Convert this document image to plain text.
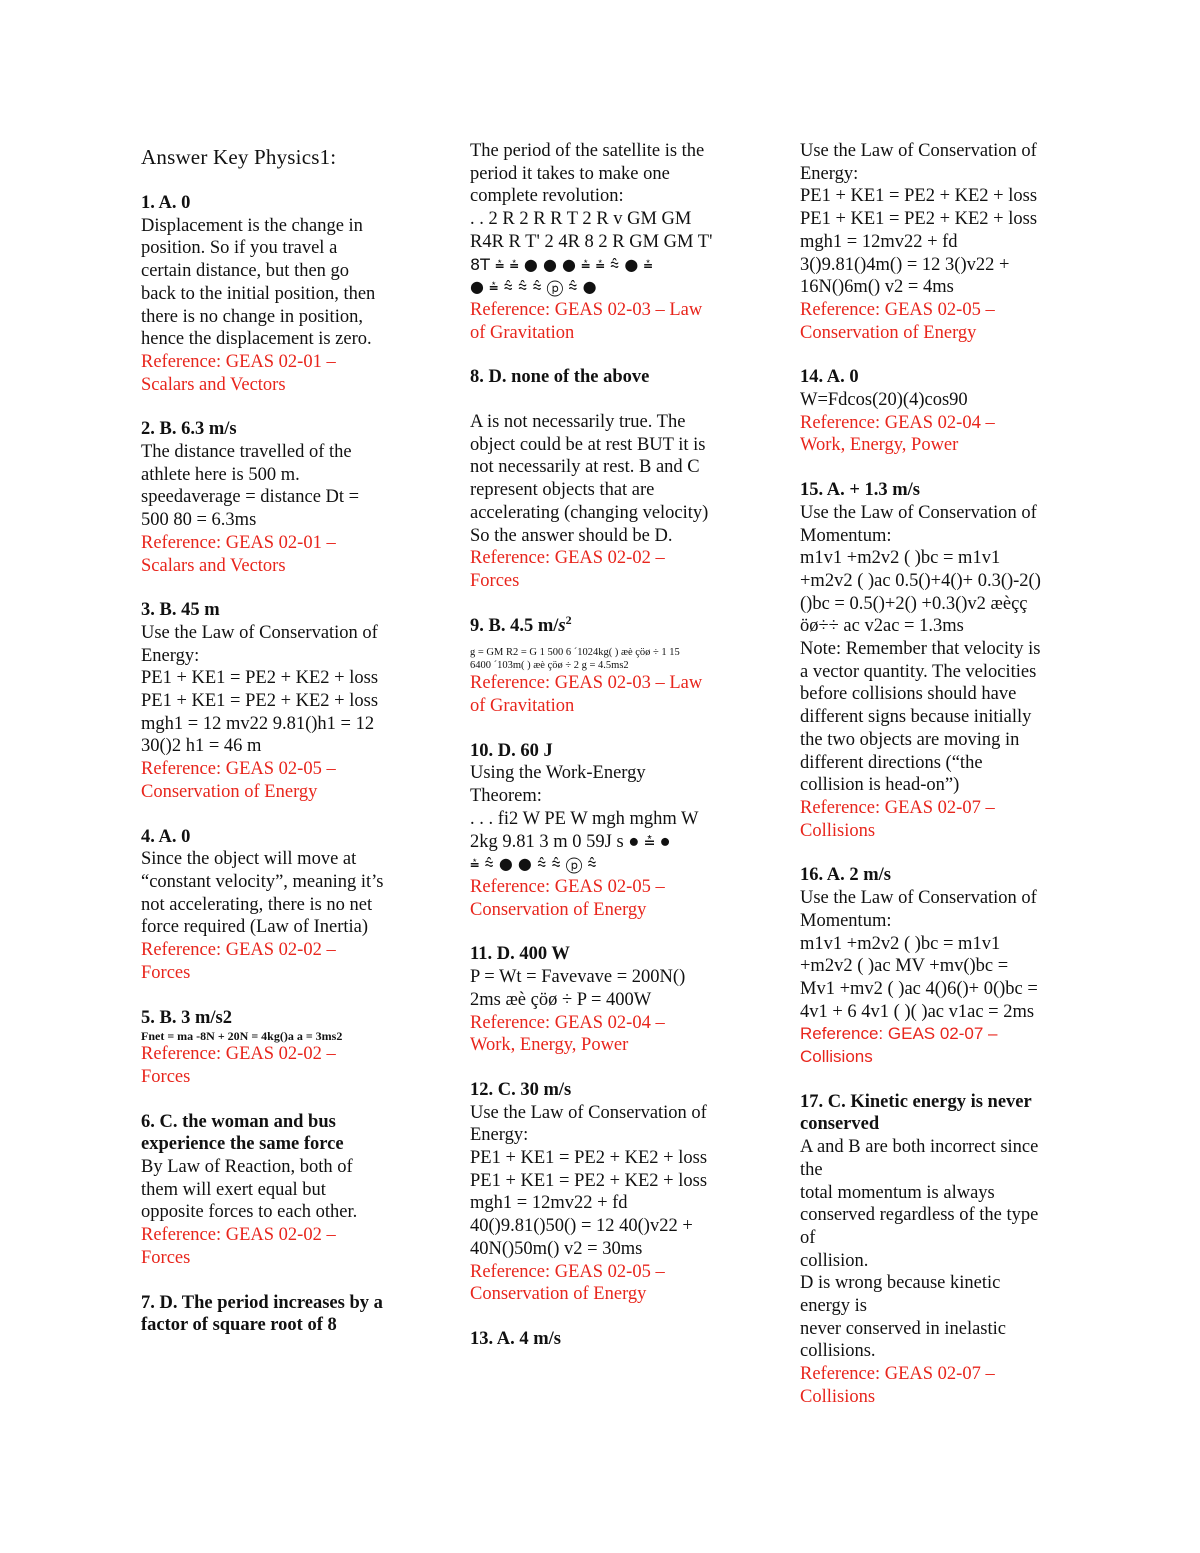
Answer Key Physics1:
1. A. 0
Displacement is the change in
position. So if you travel a
certain distance, but then go
back to the initial position, then
there is no change in position,
hence the displacement is zero.
Reference: GEAS 02-01 –
Scalars and Vectors
2. B. 6.3 m/s
The distance travelled of the
athlete here is 500 m.
speedaverage = distance Dt =
500 80 = 6.3ms
Reference: GEAS 02-01 –
Scalars and Vectors
3. B. 45 m
Use the Law of Conservation of
Energy:
PE1 + KE1 = PE2 + KE2 + loss
PE1 + KE1 = PE2 + KE2 + loss
mgh1 = 12 mv22 9.81()h1 = 12
30()2 h1 = 46 m
Reference: GEAS 02-05 –
Conservation of Energy
4. A. 0
Since the object will move at
“constant velocity”, meaning it’s
not accelerating, there is no net
force required (Law of Inertia)
Reference: GEAS 02-02 –
Forces
5. B. 3 m/s2
Fnet = ma -8N + 20N = 4kg()a a = 3ms2
Reference: GEAS 02-02 –
Forces
6. C. the woman and bus
experience the same force
By Law of Reaction, both of
them will exert equal but
opposite forces to each other.
Reference: GEAS 02-02 –
Forces
7. D. The period increases by a
factor of square root of 8
The period of the satellite is the
period it takes to make one
complete revolution:
. . 2 R 2 R R T 2 R v GM GM
R4R R T' 2 4R 8 2 R GM GM T'
8T ⩮ ⩮ ● ● ● ⩮ ⩮ ⩯ ● ⩮
● ⩮ ⩯ ⩯ ⩯ ⓟ ⩯ ●
Reference: GEAS 02-03 – Law
of Gravitation
8. D. none of the above
A is not necessarily true. The
object could be at rest BUT it is
not necessarily at rest. B and C
represent objects that are
accelerating (changing velocity)
So the answer should be D.
Reference: GEAS 02-02 –
Forces
9. B. 4.5 $m/s^2$
g = GM R2 = G 1 500 6 ´1024kg( ) æè çöø ÷ 1 15
6400 ´103m( ) æè çöø ÷ 2 g = 4.5ms2
Reference: GEAS 02-03 – Law
of Gravitation
10. D. 60 J
Using the Work-Energy
Theorem:
. . . fi2 W PE W mgh mghm W
2kg 9.81 3 m 0 59J s ● ⩮ ●
⩮ ⩯ ● ● ⩯ ⩯ ⓟ ⩯
Reference: GEAS 02-05 –
Conservation of Energy
11. D. 400 W
P = Wt = Favevave = 200N()
2ms æè çöø ÷ P = 400W
Reference: GEAS 02-04 –
Work, Energy, Power
12. C. 30 m/s
Use the Law of Conservation of
Energy:
PE1 + KE1 = PE2 + KE2 + loss
PE1 + KE1 = PE2 + KE2 + loss
mgh1 = 12mv22 + fd
40()9.81()50() = 12 40()v22 +
40N()50m() v2 = 30ms
Reference: GEAS 02-05 –
Conservation of Energy
13. A. 4 m/s
Use the Law of Conservation of
Energy:
PE1 + KE1 = PE2 + KE2 + loss
PE1 + KE1 = PE2 + KE2 + loss
mgh1 = 12mv22 + fd
3()9.81()4m() = 12 3()v22 +
16N()6m() v2 = 4ms
Reference: GEAS 02-05 –
Conservation of Energy
14. A. 0
W=Fdcos(20)(4)cos90
Reference: GEAS 02-04 –
Work, Energy, Power
15. A. + 1.3 m/s
Use the Law of Conservation of
Momentum:
m1v1 +m2v2 ( )bc = m1v1
+m2v2 ( )ac 0.5()+4()+ 0.3()-2()
()bc = 0.5()+2() +0.3()v2 æèçç
öø÷÷ ac v2ac = 1.3ms
Note: Remember that velocity is
a vector quantity. The velocities
before collisions should have
different signs because initially
the two objects are moving in
different directions (“the
collision is head-on”)
Reference: GEAS 02-07 –
Collisions
16. A. 2 m/s
Use the Law of Conservation of
Momentum:
m1v1 +m2v2 ( )bc = m1v1
+m2v2 ( )ac MV +mv()bc =
Mv1 +mv2 ( )ac 4()6()+ 0()bc =
4v1 + 6 4v1 ( )( )ac v1ac = 2ms
Reference: GEAS 02-07 –
Collisions
17. C. Kinetic energy is never
conserved
A and B are both incorrect since
the
total momentum is always
conserved regardless of the type
of
collision.
D is wrong because kinetic
energy is
never conserved in inelastic
collisions.
Reference: GEAS 02-07 –
Collisions
